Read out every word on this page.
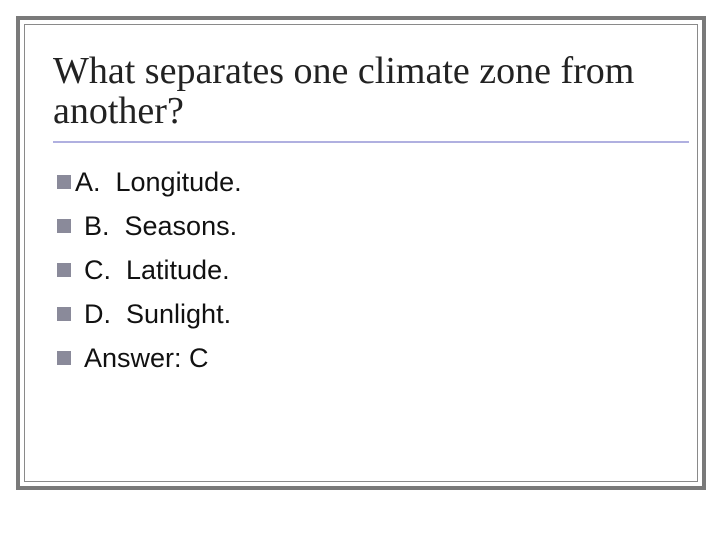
What separates one climate zone from another?
A.  Longitude.
B.  Seasons.
C.  Latitude.
D.  Sunlight.
Answer: C
